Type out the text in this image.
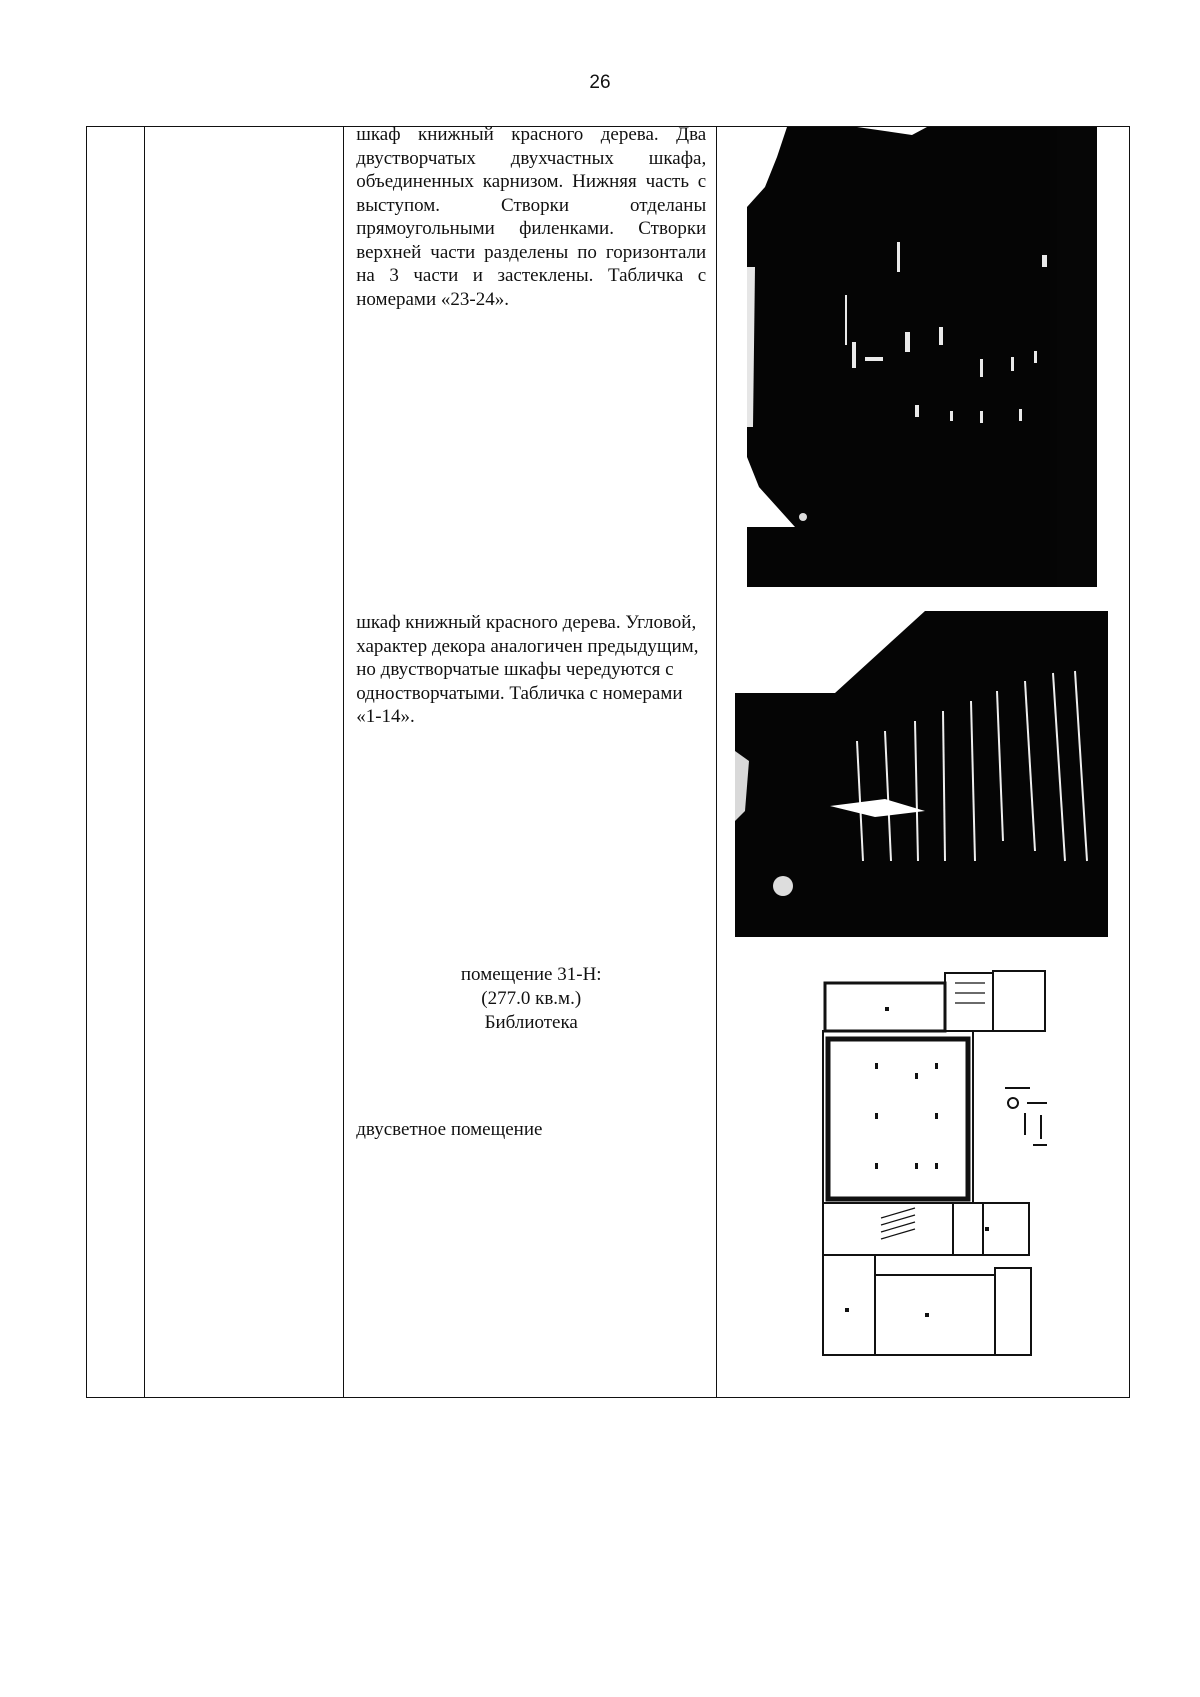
26

шкаф книжный красного дерева. Два двустворчатых двухчастных шкафа, объединенных карнизом. Нижняя часть с выступом. Створки отделаны прямоугольными филенками. Створки верхней части разделены по горизонтали на 3 части и застеклены. Табличка с номерами «23-24».
шкаф книжный красного дерева. Угловой, характер декора аналогичен предыдущим, но двустворчатые шкафы чередуются с одностворчатыми. Табличка с номерами «1-14».
помещение 31-Н:
(277.0 кв.м.)
Библиотека
двусветное помещение
